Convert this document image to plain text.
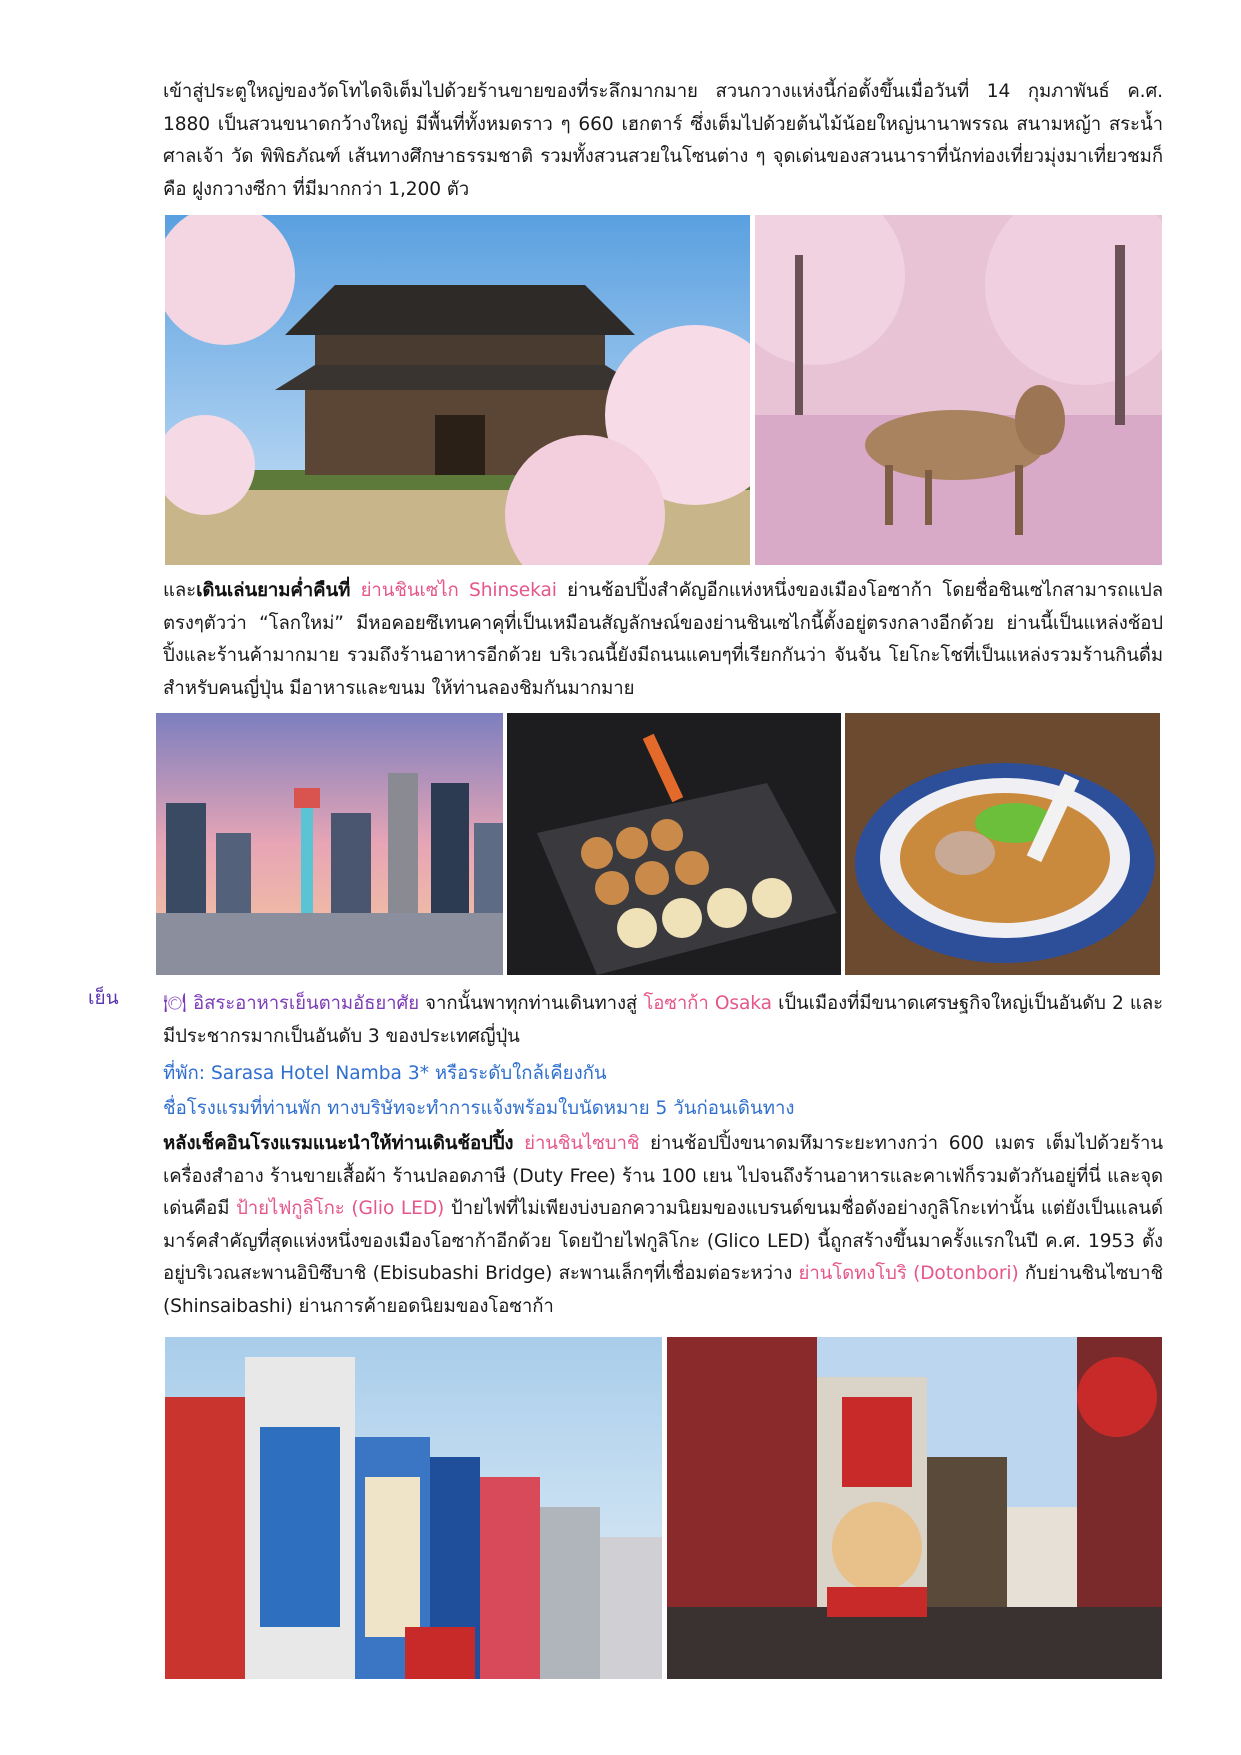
เข้าสู่ประตูใหญ่ของวัดโทไดจิเต็มไปด้วยร้านขายของที่ระลึกมากมาย สวนกวางแห่งนี้ก่อตั้งขึ้นเมื่อวันที่ 14 กุมภาพันธ์ ค.ศ. 1880 เป็นสวนขนาดกว้างใหญ่ มีพื้นที่ทั้งหมดราว ๆ 660 เฮกตาร์ ซึ่งเต็มไปด้วยต้นไม้น้อยใหญ่นานาพรรณ สนามหญ้า สระน้ำ ศาลเจ้า วัด พิพิธภัณฑ์ เส้นทางศึกษาธรรมชาติ รวมทั้งสวนสวยในโซนต่าง ๆ จุดเด่นของสวนนาราที่นักท่องเที่ยวมุ่งมาเที่ยวชมก็คือ ฝูงกวางซีกา ที่มีมากกว่า 1,200 ตัว

และเดินเล่นยามค่ำคืนที่ ย่านชินเซไก Shinsekai ย่านช้อปปิ้งสำคัญอีกแห่งหนึ่งของเมืองโอซาก้า โดยชื่อชินเซไกสามารถแปลตรงๆตัวว่า “โลกใหม่” มีหอคอยซึเทนคาคุที่เป็นเหมือนสัญลักษณ์ของย่านชินเซไกนี้ตั้งอยู่ตรงกลางอีกด้วย ย่านนี้เป็นแหล่งช้อปปิ้งและร้านค้ามากมาย รวมถึงร้านอาหารอีกด้วย บริเวณนี้ยังมีถนนแคบๆที่เรียกกันว่า จันจัน โยโกะโชที่เป็นแหล่งรวมร้านกินดื่มสำหรับคนญี่ปุ่น มีอาหารและขนม ให้ท่านลองชิมกันมากมาย

เย็น 🍽 อิสระอาหารเย็นตามอัธยาศัย จากนั้นพาทุกท่านเดินทางสู่ โอซาก้า Osaka เป็นเมืองที่มีขนาดเศรษฐกิจใหญ่เป็นอันดับ 2 และมีประชากรมากเป็นอันดับ 3 ของประเทศญี่ปุ่น

ที่พัก: Sarasa Hotel Namba 3* หรือระดับใกล้เคียงกัน

ชื่อโรงแรมที่ท่านพัก ทางบริษัทจะทำการแจ้งพร้อมใบนัดหมาย 5 วันก่อนเดินทาง

หลังเช็คอินโรงแรมแนะนำให้ท่านเดินช้อปปิ้ง ย่านชินไซบาชิ ย่านช้อปปิ้งขนาดมหึมาระยะทางกว่า 600 เมตร เต็มไปด้วยร้านเครื่องสำอาง ร้านขายเสื้อผ้า ร้านปลอดภาษี (Duty Free) ร้าน 100 เยน ไปจนถึงร้านอาหารและคาเฟ่ก็รวมตัวกันอยู่ที่นี่ และจุดเด่นคือมี ป้ายไฟกูลิโกะ (Glio LED) ป้ายไฟที่ไม่เพียงบ่งบอกความนิยมของแบรนด์ขนมชื่อดังอย่างกูลิโกะเท่านั้น แต่ยังเป็นแลนด์มาร์คสำคัญที่สุดแห่งหนึ่งของเมืองโอซาก้าอีกด้วย โดยป้ายไฟกูลิโกะ (Glico LED) นี้ถูกสร้างขึ้นมาครั้งแรกในปี ค.ศ. 1953 ตั้งอยู่บริเวณสะพานอิบิซึบาชิ (Ebisubashi Bridge) สะพานเล็กๆที่เชื่อมต่อระหว่าง ย่านโดทงโบริ (Dotonbori) กับย่านชินไซบาชิ (Shinsaibashi) ย่านการค้ายอดนิยมของโอซาก้า
